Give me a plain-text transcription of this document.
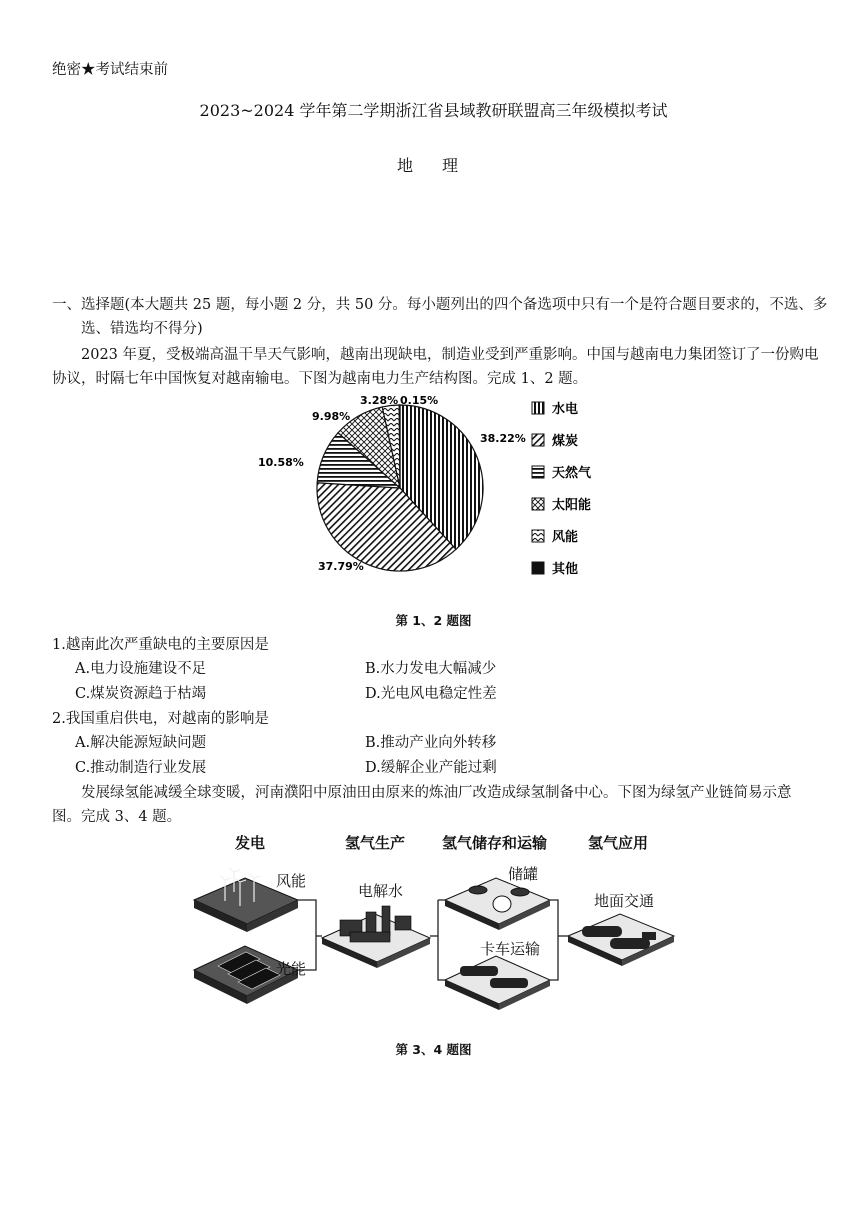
绝密★考试结束前
2023~2024 学年第二学期浙江省县域教研联盟高三年级模拟考试
地 理
一、选择题(本大题共 25 题，每小题 2 分，共 50 分。每小题列出的四个备选项中只有一个是符合题目要求的，不选、多选、错选均不得分)
2023 年夏，受极端高温干旱天气影响，越南出现缺电，制造业受到严重影响。中国与越南电力集团签订了一份购电协议，时隔七年中国恢复对越南输电。下图为越南电力生产结构图。完成 1、2 题。
38.22%
37.79%
10.58%
9.98%
3.28% 0.15%
水电
煤炭
天然气
太阳能
风能
其他
第 1、2 题图
1.越南此次严重缺电的主要原因是
A.电力设施建设不足	B.水力发电大幅减少
C.煤炭资源趋于枯竭	D.光电风电稳定性差
2.我国重启供电，对越南的影响是
A.解决能源短缺问题	B.推动产业向外转移
C.推动制造行业发展	D.缓解企业产能过剩
发展绿氢能减缓全球变暖，河南濮阳中原油田由原来的炼油厂改造成绿氢制备中心。下图为绿氢产业链简易示意图。完成 3、4 题。
发电	氢气生产 氢气储存和运输	氢气应用
风能
光能
电解水
储罐
卡车运输
地面交通
第 3、4 题图
